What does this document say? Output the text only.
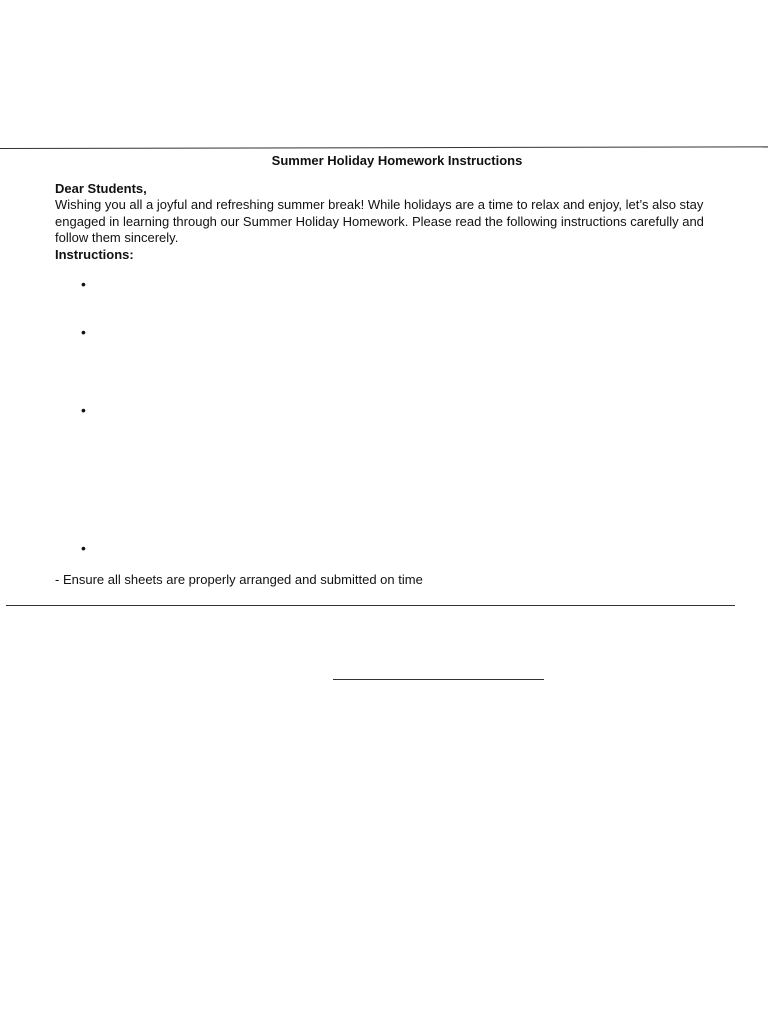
Summer Holiday Homework Instructions

Dear Students,

Wishing you all a joyful and refreshing summer break! While holidays are a time to relax and enjoy, let’s also stay engaged in learning through our Summer Holiday Homework. Please read the following instructions carefully and follow them sincerely.

Instructions:

•
•
•
•
- Ensure all sheets are properly arranged and submitted on time
